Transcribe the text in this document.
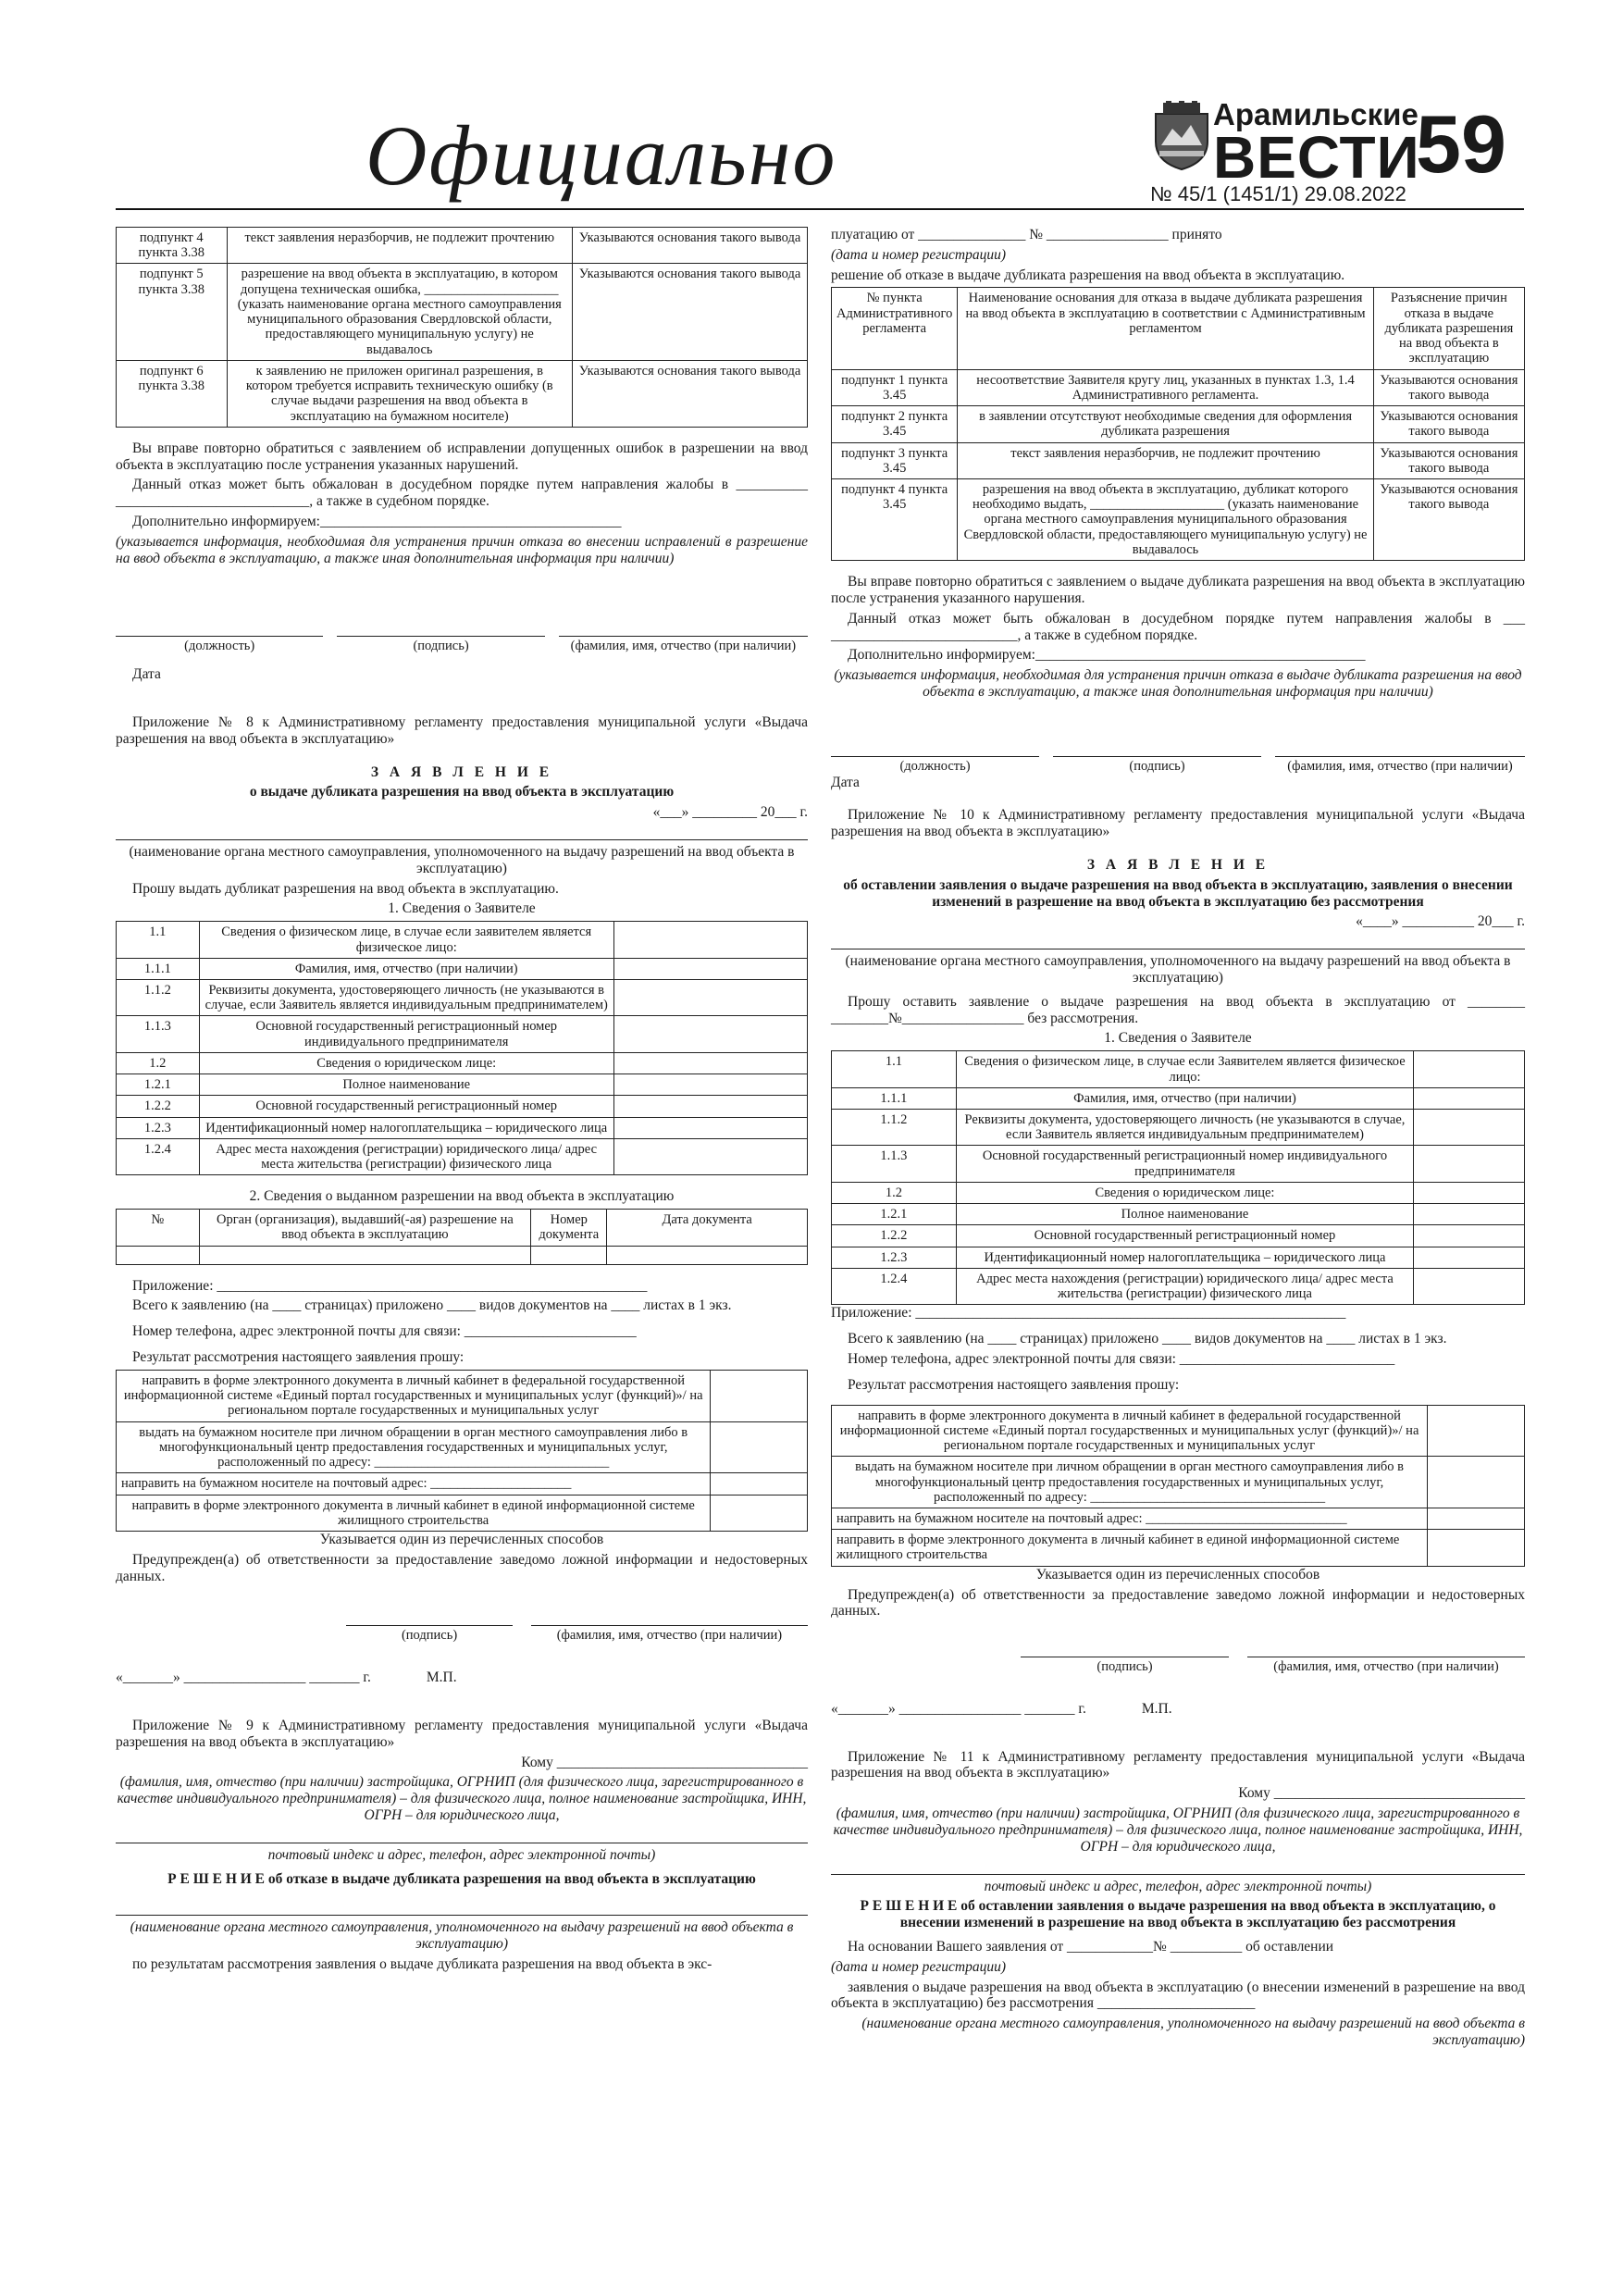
Официально	Арамильские
ВЕСТИ
№ 45/1 (1451/1) 29.08.2022
59
подпункт 4 пункта 3.38	текст заявления неразборчив, не подлежит прочтению	Указываются основания такого вывода
подпункт 5 пункта 3.38	разрешение на ввод объекта в эксплуатацию, в котором допущена техническая ошибка, ____________________ (указать наименование органа местного самоуправления муниципального образования Свердловской области, предоставляющего муниципальную услугу) не выдавалось	Указываются основания такого вывода
подпункт 6 пункта 3.38	к заявлению не приложен оригинал разрешения, в котором требуется исправить техническую ошибку (в случае выдачи разрешения на ввод объекта в эксплуатацию на бумажном носителе)	Указываются основания такого вывода

Вы вправе повторно обратиться с заявлением об исправлении допущенных ошибок в разрешении на ввод объекта в эксплуатацию после устранения указанных нарушений.

Данный отказ может быть обжалован в досудебном порядке путем направления жалобы в __________ ___________________________, а также в судебном порядке.

Дополнительно информируем:__________________________________________

(указывается информация, необходимая для устранения причин отказа во внесении исправлений в разрешение на ввод объекта в эксплуатацию, а также иная дополнительная информация при наличии)

(должность)	(подпись)	(фамилия, имя, отчество (при наличии)

Дата

Приложение № 8 к Административному регламенту предоставления муниципальной услуги «Выдача разрешения на ввод объекта в эксплуатацию»

З А Я В Л Е Н И Е

о выдаче дубликата разрешения на ввод объекта в эксплуатацию

«___» _________ 20___ г.

(наименование органа местного самоуправления, уполномоченного на выдачу разрешений на ввод объекта в эксплуатацию)

Прошу выдать дубликат разрешения на ввод объекта в эксплуатацию.

1. Сведения о Заявителе

1.1	Сведения о физическом лице, в случае если заявителем является физическое лицо:	
1.1.1	Фамилия, имя, отчество (при наличии)	
1.1.2	Реквизиты документа, удостоверяющего личность (не указываются в случае, если Заявитель является индивидуальным предпринимателем)	
1.1.3	Основной государственный регистрационный номер индивидуального предпринимателя	
1.2	Сведения о юридическом лице:	
1.2.1	Полное наименование	
1.2.2	Основной государственный регистрационный номер	
1.2.3	Идентификационный номер налогоплательщика – юридического лица	
1.2.4	Адрес места нахождения (регистрации) юридического лица/ адрес места жительства (регистрации) физического лица	

2. Сведения о выданном разрешении на ввод объекта в эксплуатацию

№	Орган (организация), выдавший(-ая) разрешение на ввод объекта в эксплуатацию	Номер документа	Дата документа

Приложение: ____________________________________________________________

Всего к заявлению (на ____ страницах) приложено ____ видов документов на ____ листах в 1 экз.

Номер телефона, адрес электронной почты для связи: ________________________

Результат рассмотрения настоящего заявления прошу:

направить в форме электронного документа в личный кабинет в федеральной государственной информационной системе «Единый портал государственных и муниципальных услуг (функций)»/ на региональном портале государственных и муниципальных услуг	
выдать на бумажном носителе при личном обращении в орган местного самоуправления либо в многофункциональный центр предоставления государственных и муниципальных услуг, расположенный по адресу: ___________________________________	
направить на бумажном носителе на почтовый адрес: _____________________	
направить в форме электронного документа в личный кабинет в единой информационной системе жилищного строительства	

Указывается один из перечисленных способов

Предупрежден(а) об ответственности за предоставление заведомо ложной информации и недостоверных данных.

(подпись)	(фамилия, имя, отчество (при наличии)

«_______» _________________ _______ г.	М.П.

Приложение № 9 к Административному регламенту предоставления муниципальной услуги «Выдача разрешения на ввод объекта в эксплуатацию»

Кому ___________________________________

(фамилия, имя, отчество (при наличии) застройщика, ОГРНИП (для физического лица, зарегистрированного в качестве индивидуального предпринимателя) – для физического лица, полное наименование застройщика, ИНН, ОГРН – для юридического лица,

почтовый индекс и адрес, телефон, адрес электронной почты)

Р Е Ш Е Н И Е об отказе в выдаче дубликата разрешения на ввод объекта в эксплуатацию

(наименование органа местного самоуправления, уполномоченного на выдачу разрешений на ввод объекта в эксплуатацию)

по результатам рассмотрения заявления о выдаче дубликата разрешения на ввод объекта в экс-

плуатацию от _______________ № _________________ принято

(дата и номер регистрации)

решение об отказе в выдаче дубликата разрешения на ввод объекта в эксплуатацию.

№ пункта Административного регламента	Наименование основания для отказа в выдаче дубликата разрешения на ввод объекта в эксплуатацию в соответствии с Административным регламентом	Разъяснение причин отказа в выдаче дубликата разрешения на ввод объекта в эксплуатацию
подпункт 1 пункта 3.45	несоответствие Заявителя кругу лиц, указанных в пунктах 1.3, 1.4 Административного регламента.	Указываются основания такого вывода
подпункт 2 пункта 3.45	в заявлении отсутствуют необходимые сведения для оформления дубликата разрешения	Указываются основания такого вывода
подпункт 3 пункта 3.45	текст заявления неразборчив, не подлежит прочтению	Указываются основания такого вывода
подпункт 4 пункта 3.45	разрешения на ввод объекта в эксплуатацию, дубликат которого необходимо выдать, ____________________ (указать наименование органа местного самоуправления муниципального образования Свердловской области, предоставляющего муниципальную услугу) не выдавалось	Указываются основания такого вывода

Вы вправе повторно обратиться с заявлением о выдаче дубликата разрешения на ввод объекта в эксплуатацию после устранения указанного нарушения.

Данный отказ может быть обжалован в досудебном порядке путем направления жалобы в ___ __________________________, а также в судебном порядке.

Дополнительно информируем:______________________________________________

(указывается информация, необходимая для устранения причин отказа в выдаче дубликата разрешения на ввод объекта в эксплуатацию, а также иная дополнительная информация при наличии)

(должность)	(подпись)	(фамилия, имя, отчество (при наличии)

Дата

Приложение № 10 к Административному регламенту предоставления муниципальной услуги «Выдача разрешения на ввод объекта в эксплуатацию»

З А Я В Л Е Н И Е

об оставлении заявления о выдаче разрешения на ввод объекта в эксплуатацию, заявления о внесении изменений в разрешение на ввод объекта в эксплуатацию без рассмотрения

«____» __________ 20___ г.

(наименование органа местного самоуправления, уполномоченного на выдачу разрешений на ввод объекта в эксплуатацию)

Прошу оставить заявление о выдаче разрешения на ввод объекта в эксплуатацию от ________ ________№_________________ без рассмотрения.

1. Сведения о Заявителе

1.1	Сведения о физическом лице, в случае если Заявителем является физическое лицо:	
1.1.1	Фамилия, имя, отчество (при наличии)	
1.1.2	Реквизиты документа, удостоверяющего личность (не указываются в случае, если Заявитель является индивидуальным предпринимателем)	
1.1.3	Основной государственный регистрационный номер индивидуального предпринимателя	
1.2	Сведения о юридическом лице:	
1.2.1	Полное наименование	
1.2.2	Основной государственный регистрационный номер	
1.2.3	Идентификационный номер налогоплательщика – юридического лица	
1.2.4	Адрес места нахождения (регистрации) юридического лица/ адрес места жительства (регистрации) физического лица	

Приложение: ____________________________________________________________

Всего к заявлению (на ____ страницах) приложено ____ видов документов на ____ листах в 1 экз.

Номер телефона, адрес электронной почты для связи: ______________________________

Результат рассмотрения настоящего заявления прошу:

направить в форме электронного документа в личный кабинет в федеральной государственной информационной системе «Единый портал государственных и муниципальных услуг (функций)»/ на региональном портале государственных и муниципальных услуг	
выдать на бумажном носителе при личном обращении в орган местного самоуправления либо в многофункциональный центр предоставления государственных и муниципальных услуг, расположенный по адресу: ___________________________________	
направить на бумажном носителе на почтовый адрес: ______________________________	
направить в форме электронного документа в личный кабинет в единой информационной системе жилищного строительства	

Указывается один из перечисленных способов

Предупрежден(а) об ответственности за предоставление заведомо ложной информации и недостоверных данных.

(подпись)	(фамилия, имя, отчество (при наличии)

«_______» _________________ _______ г.	М.П.

Приложение № 11 к Административному регламенту предоставления муниципальной услуги «Выдача разрешения на ввод объекта в эксплуатацию»

Кому ___________________________________

(фамилия, имя, отчество (при наличии) застройщика, ОГРНИП (для физического лица, зарегистрированного в качестве индивидуального предпринимателя) – для физического лица, полное наименование застройщика, ИНН, ОГРН – для юридического лица,

почтовый индекс и адрес, телефон, адрес электронной почты)

Р Е Ш Е Н И Е об оставлении заявления о выдаче разрешения на ввод объекта в эксплуатацию, о внесении изменений в разрешение на ввод объекта в эксплуатацию без рассмотрения

На основании Вашего заявления от ____________№ __________ об оставлении

(дата и номер регистрации)

заявления о выдаче разрешения на ввод объекта в эксплуатацию (о внесении изменений в разрешение на ввод объекта в эксплуатацию) без рассмотрения ______________________

(наименование органа местного самоуправления, уполномоченного на выдачу разрешений на ввод объекта в эксплуатацию)
